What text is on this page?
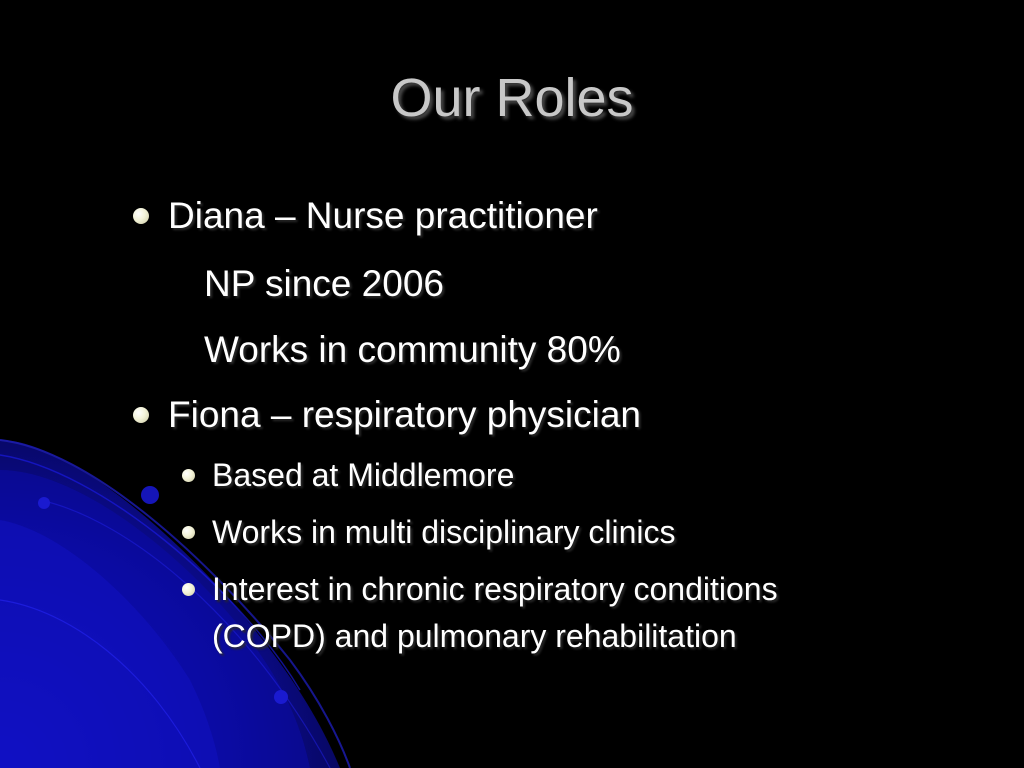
Our Roles
Diana – Nurse practitioner
NP since 2006
Works in community 80%
Fiona – respiratory physician
Based at Middlemore
Works in multi disciplinary clinics
Interest in chronic respiratory conditions
(COPD) and pulmonary rehabilitation
